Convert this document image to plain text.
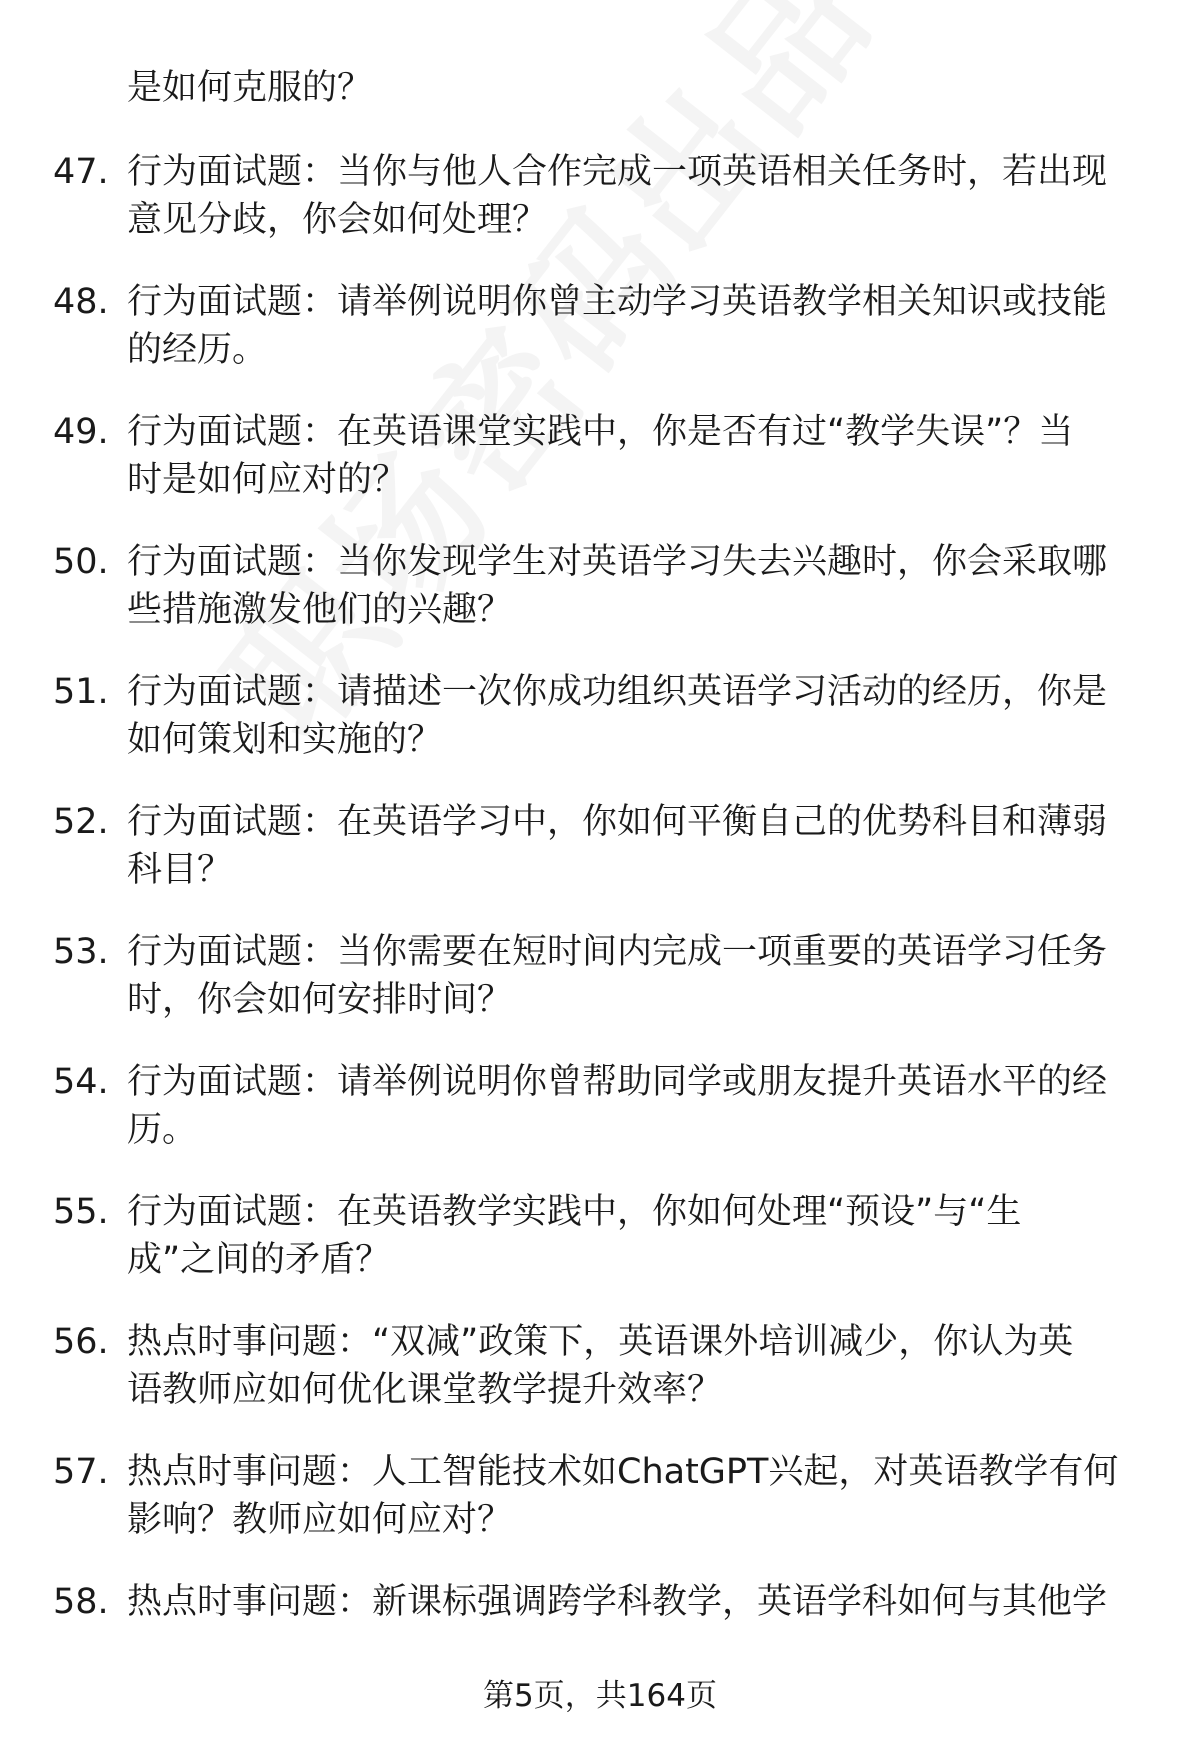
是如何克服的？
47. 行为面试题：当你与他人合作完成一项英语相关任务时，若出现
意见分歧，你会如何处理？
48. 行为面试题：请举例说明你曾主动学习英语教学相关知识或技能
的经历。
49. 行为面试题：在英语课堂实践中，你是否有过“教学失误”？当
时是如何应对的？
50. 行为面试题：当你发现学生对英语学习失去兴趣时，你会采取哪
些措施激发他们的兴趣？
51. 行为面试题：请描述一次你成功组织英语学习活动的经历，你是
如何策划和实施的？
52. 行为面试题：在英语学习中，你如何平衡自己的优势科目和薄弱
科目？
53. 行为面试题：当你需要在短时间内完成一项重要的英语学习任务
时，你会如何安排时间？
54. 行为面试题：请举例说明你曾帮助同学或朋友提升英语水平的经
历。
55. 行为面试题：在英语教学实践中，你如何处理“预设”与“生
成”之间的矛盾？
56. 热点时事问题：“双减”政策下，英语课外培训减少，你认为英
语教师应如何优化课堂教学提升效率？
57. 热点时事问题：人工智能技术如ChatGPT兴起，对英语教学有何
影响？教师应如何应对？
58. 热点时事问题：新课标强调跨学科教学，英语学科如何与其他学
第5页，共164页
